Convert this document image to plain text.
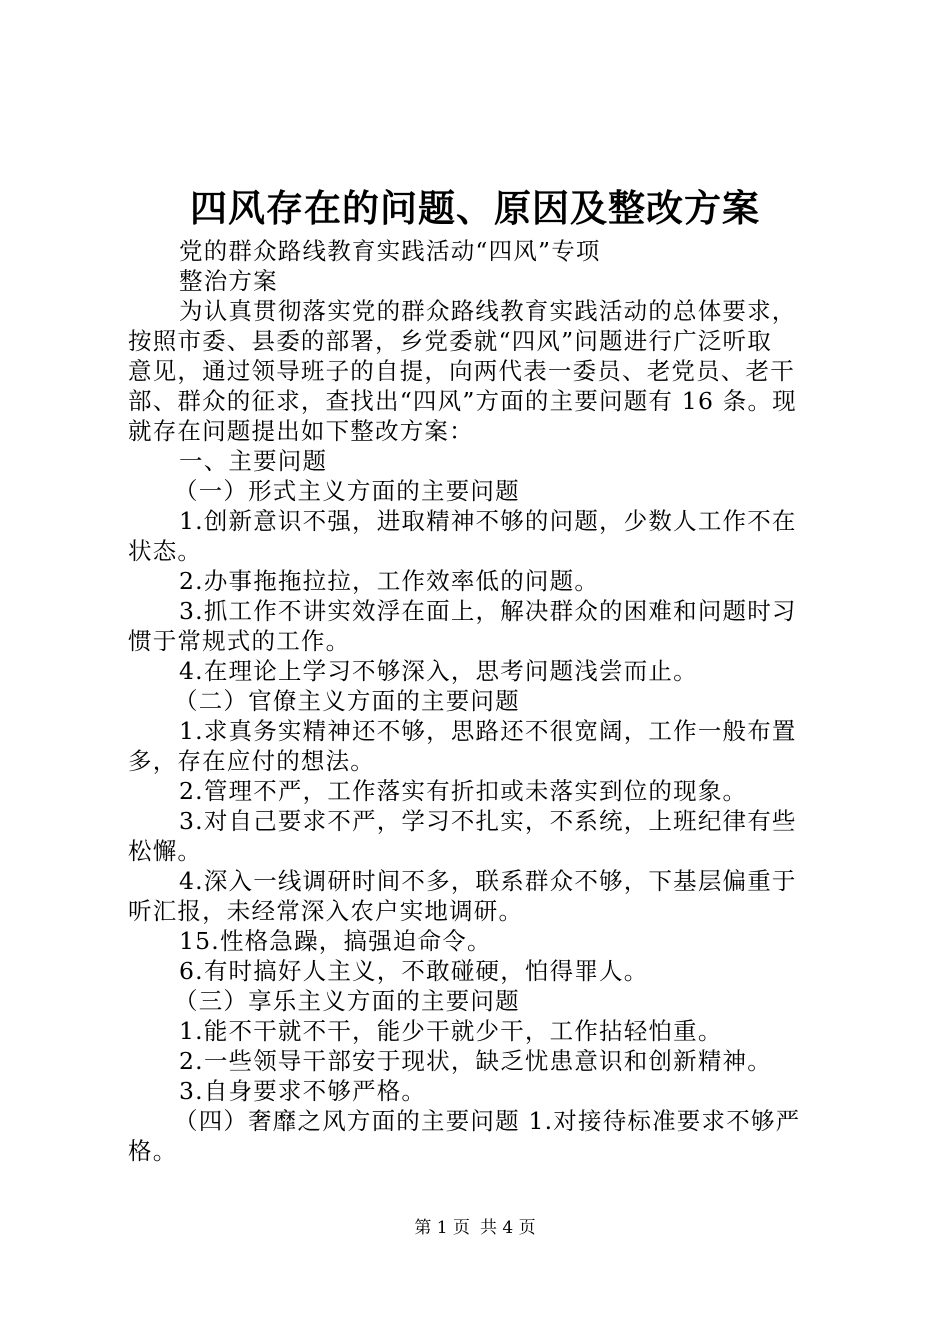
四风存在的问题、原因及整改方案

党的群众路线教育实践活动“四风”专项

整治方案

为认真贯彻落实党的群众路线教育实践活动的总体要求，

按照市委、县委的部署，乡党委就“四风”问题进行广泛听取

意见，通过领导班子的自提，向两代表一委员、老党员、老干

部、群众的征求，查找出“四风”方面的主要问题有 16 条。现

就存在问题提出如下整改方案：

一、主要问题

（一）形式主义方面的主要问题

1.创新意识不强，进取精神不够的问题，少数人工作不在

状态。

2.办事拖拖拉拉，工作效率低的问题。

3.抓工作不讲实效浮在面上，解决群众的困难和问题时习

惯于常规式的工作。

4.在理论上学习不够深入，思考问题浅尝而止。

（二）官僚主义方面的主要问题

1.求真务实精神还不够，思路还不很宽阔，工作一般布置

多，存在应付的想法。

2.管理不严，工作落实有折扣或未落实到位的现象。

3.对自己要求不严，学习不扎实，不系统，上班纪律有些

松懈。

4.深入一线调研时间不多，联系群众不够，下基层偏重于

听汇报，未经常深入农户实地调研。

15.性格急躁，搞强迫命令。

6.有时搞好人主义，不敢碰硬，怕得罪人。

（三）享乐主义方面的主要问题

1.能不干就不干，能少干就少干，工作拈轻怕重。

2.一些领导干部安于现状，缺乏忧患意识和创新精神。

3.自身要求不够严格。

（四）奢靡之风方面的主要问题 1.对接待标准要求不够严

格。

第 1 页 共 4 页
